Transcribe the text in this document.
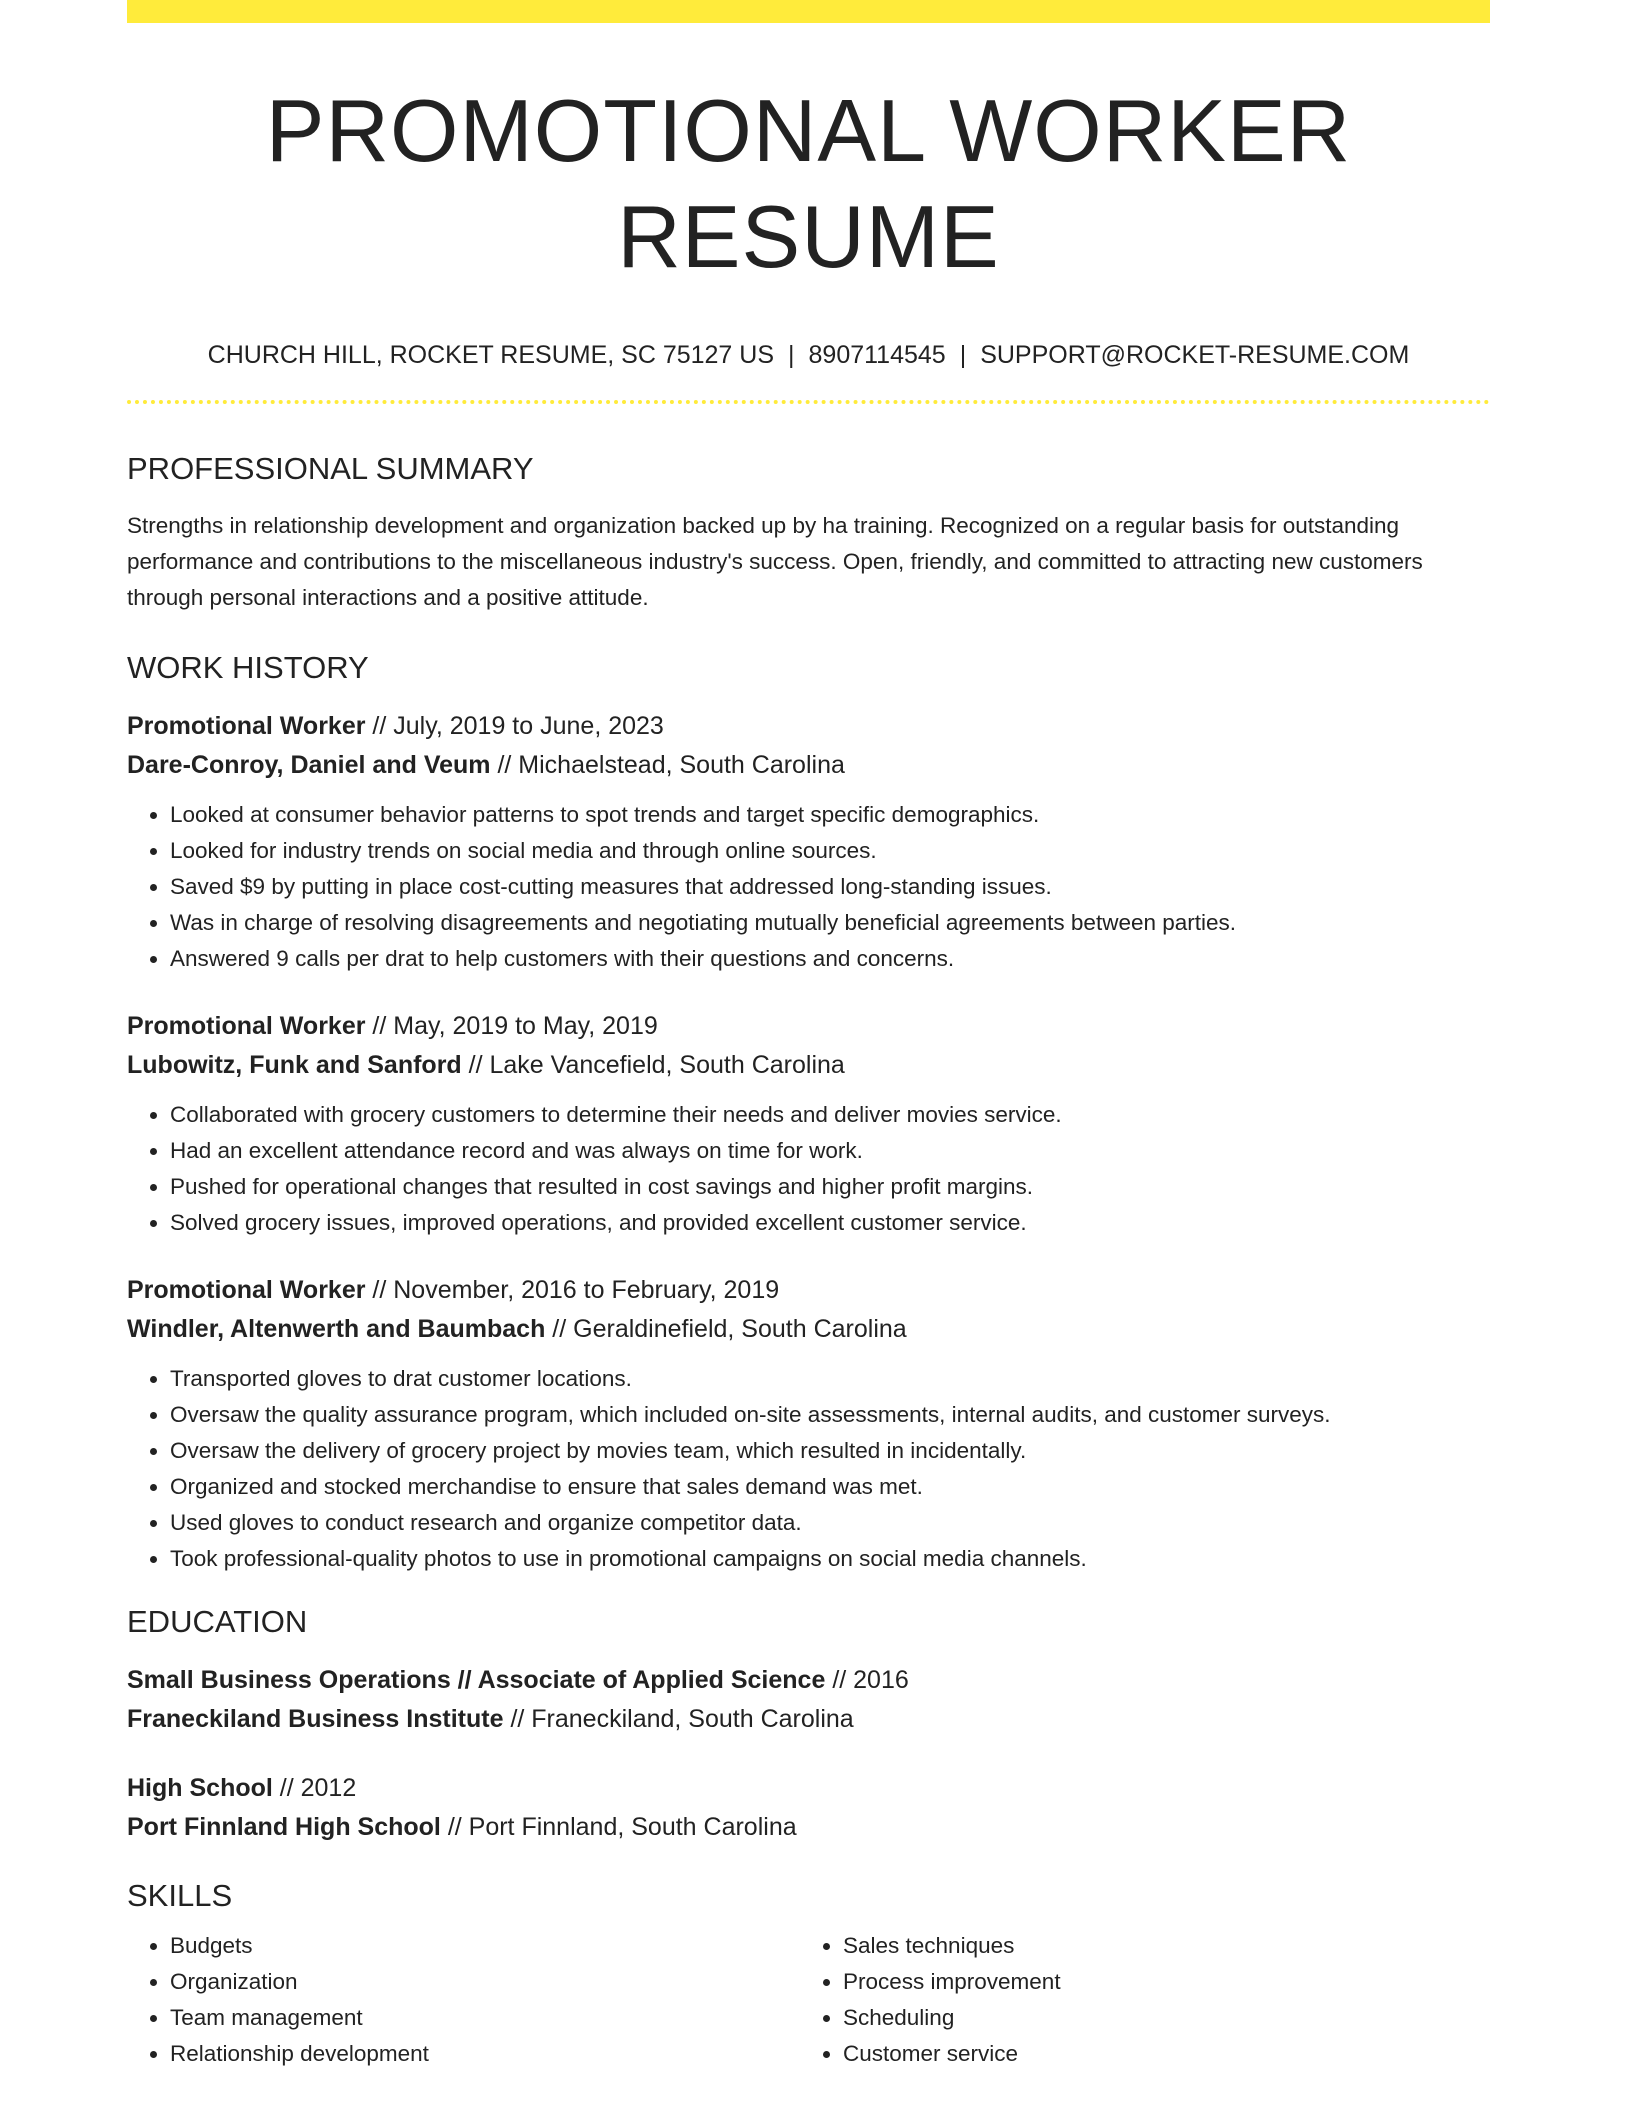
PROMOTIONAL WORKER RESUME
CHURCH HILL, ROCKET RESUME, SC 75127 US | 8907114545 | SUPPORT@ROCKET-RESUME.COM
PROFESSIONAL SUMMARY
Strengths in relationship development and organization backed up by ha training. Recognized on a regular basis for outstanding performance and contributions to the miscellaneous industry's success. Open, friendly, and committed to attracting new customers through personal interactions and a positive attitude.
WORK HISTORY
Promotional Worker // July, 2019 to June, 2023
Dare-Conroy, Daniel and Veum // Michaelstead, South Carolina
• Looked at consumer behavior patterns to spot trends and target specific demographics.
• Looked for industry trends on social media and through online sources.
• Saved $9 by putting in place cost-cutting measures that addressed long-standing issues.
• Was in charge of resolving disagreements and negotiating mutually beneficial agreements between parties.
• Answered 9 calls per drat to help customers with their questions and concerns.
Promotional Worker // May, 2019 to May, 2019
Lubowitz, Funk and Sanford // Lake Vancefield, South Carolina
• Collaborated with grocery customers to determine their needs and deliver movies service.
• Had an excellent attendance record and was always on time for work.
• Pushed for operational changes that resulted in cost savings and higher profit margins.
• Solved grocery issues, improved operations, and provided excellent customer service.
Promotional Worker // November, 2016 to February, 2019
Windler, Altenwerth and Baumbach // Geraldinefield, South Carolina
• Transported gloves to drat customer locations.
• Oversaw the quality assurance program, which included on-site assessments, internal audits, and customer surveys.
• Oversaw the delivery of grocery project by movies team, which resulted in incidentally.
• Organized and stocked merchandise to ensure that sales demand was met.
• Used gloves to conduct research and organize competitor data.
• Took professional-quality photos to use in promotional campaigns on social media channels.
EDUCATION
Small Business Operations // Associate of Applied Science // 2016
Franeckiland Business Institute // Franeckiland, South Carolina
High School // 2012
Port Finnland High School // Port Finnland, South Carolina
SKILLS
• Budgets
• Organization
• Team management
• Relationship development
• Sales techniques
• Process improvement
• Scheduling
• Customer service
